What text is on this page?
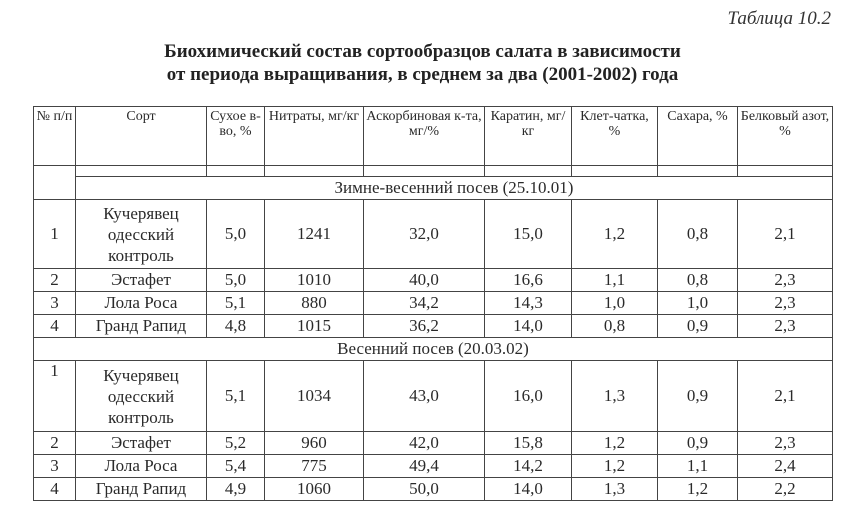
Таблица 10.2
Биохимический состав сортообразцов салата в зависимости
от периода выращивания, в среднем за два (2001-2002) года
№ п/п	Сорт	Сухое в-во, %	Нитраты, мг/кг	Аскорбиновая к-та, мг/%	Каратин, мг/кг	Клет-чатка, %	Сахара, %	Белковый азот, %

	Зимне-весенний посев (25.10.01)							
1	Кучерявец одесский контроль	5,0	1241	32,0	15,0	1,2	0,8	2,1
2	Эстафет	5,0	1010	40,0	16,6	1,1	0,8	2,3
3	Лола Роса	5,1	880	34,2	14,3	1,0	1,0	2,3
4	Гранд Рапид	4,8	1015	36,2	14,0	0,8	0,9	2,3
Весенний посев (20.03.02)								
1	Кучерявец одесский контроль	5,1	1034	43,0	16,0	1,3	0,9	2,1
2	Эстафет	5,2	960	42,0	15,8	1,2	0,9	2,3
3	Лола Роса	5,4	775	49,4	14,2	1,2	1,1	2,4
4	Гранд Рапид	4,9	1060	50,0	14,0	1,3	1,2	2,2
